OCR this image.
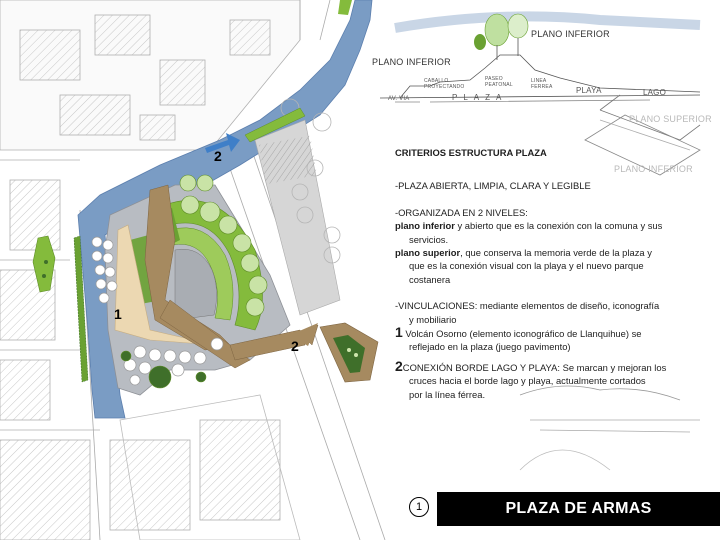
PLANO INFERIOR
PLANO INFERIOR
PLAZA
PLAYA	LAGO
AV. VIA
CABALLO PROYECTANDO
PASEO PEATONAL
LINEA FERREA
PLANO SUPERIOR
PLANO INFERIOR
1
2
2
CRITERIOS ESTRUCTURA PLAZA

-PLAZA ABIERTA, LIMPIA, CLARA Y LEGIBLE

-ORGANIZADA EN 2 NIVELES:

plano inferior y abierto que es la conexión con la comuna y sus

servicios.

plano superior, que conserva la memoria verde de la plaza y

que es la conexión visual con la playa y el nuevo parque

costanera

-VINCULACIONES: mediante elementos de diseño, iconografía

y mobiliario

1 Volcán Osorno (elemento iconográfico de Llanquihue) se

reflejado en la plaza (juego pavimento)

2CONEXIÓN BORDE LAGO Y PLAYA: Se marcan y mejoran los

cruces hacia el borde lago y playa, actualmente cortados

por la línea férrea.

1	PLAZA DE ARMAS
